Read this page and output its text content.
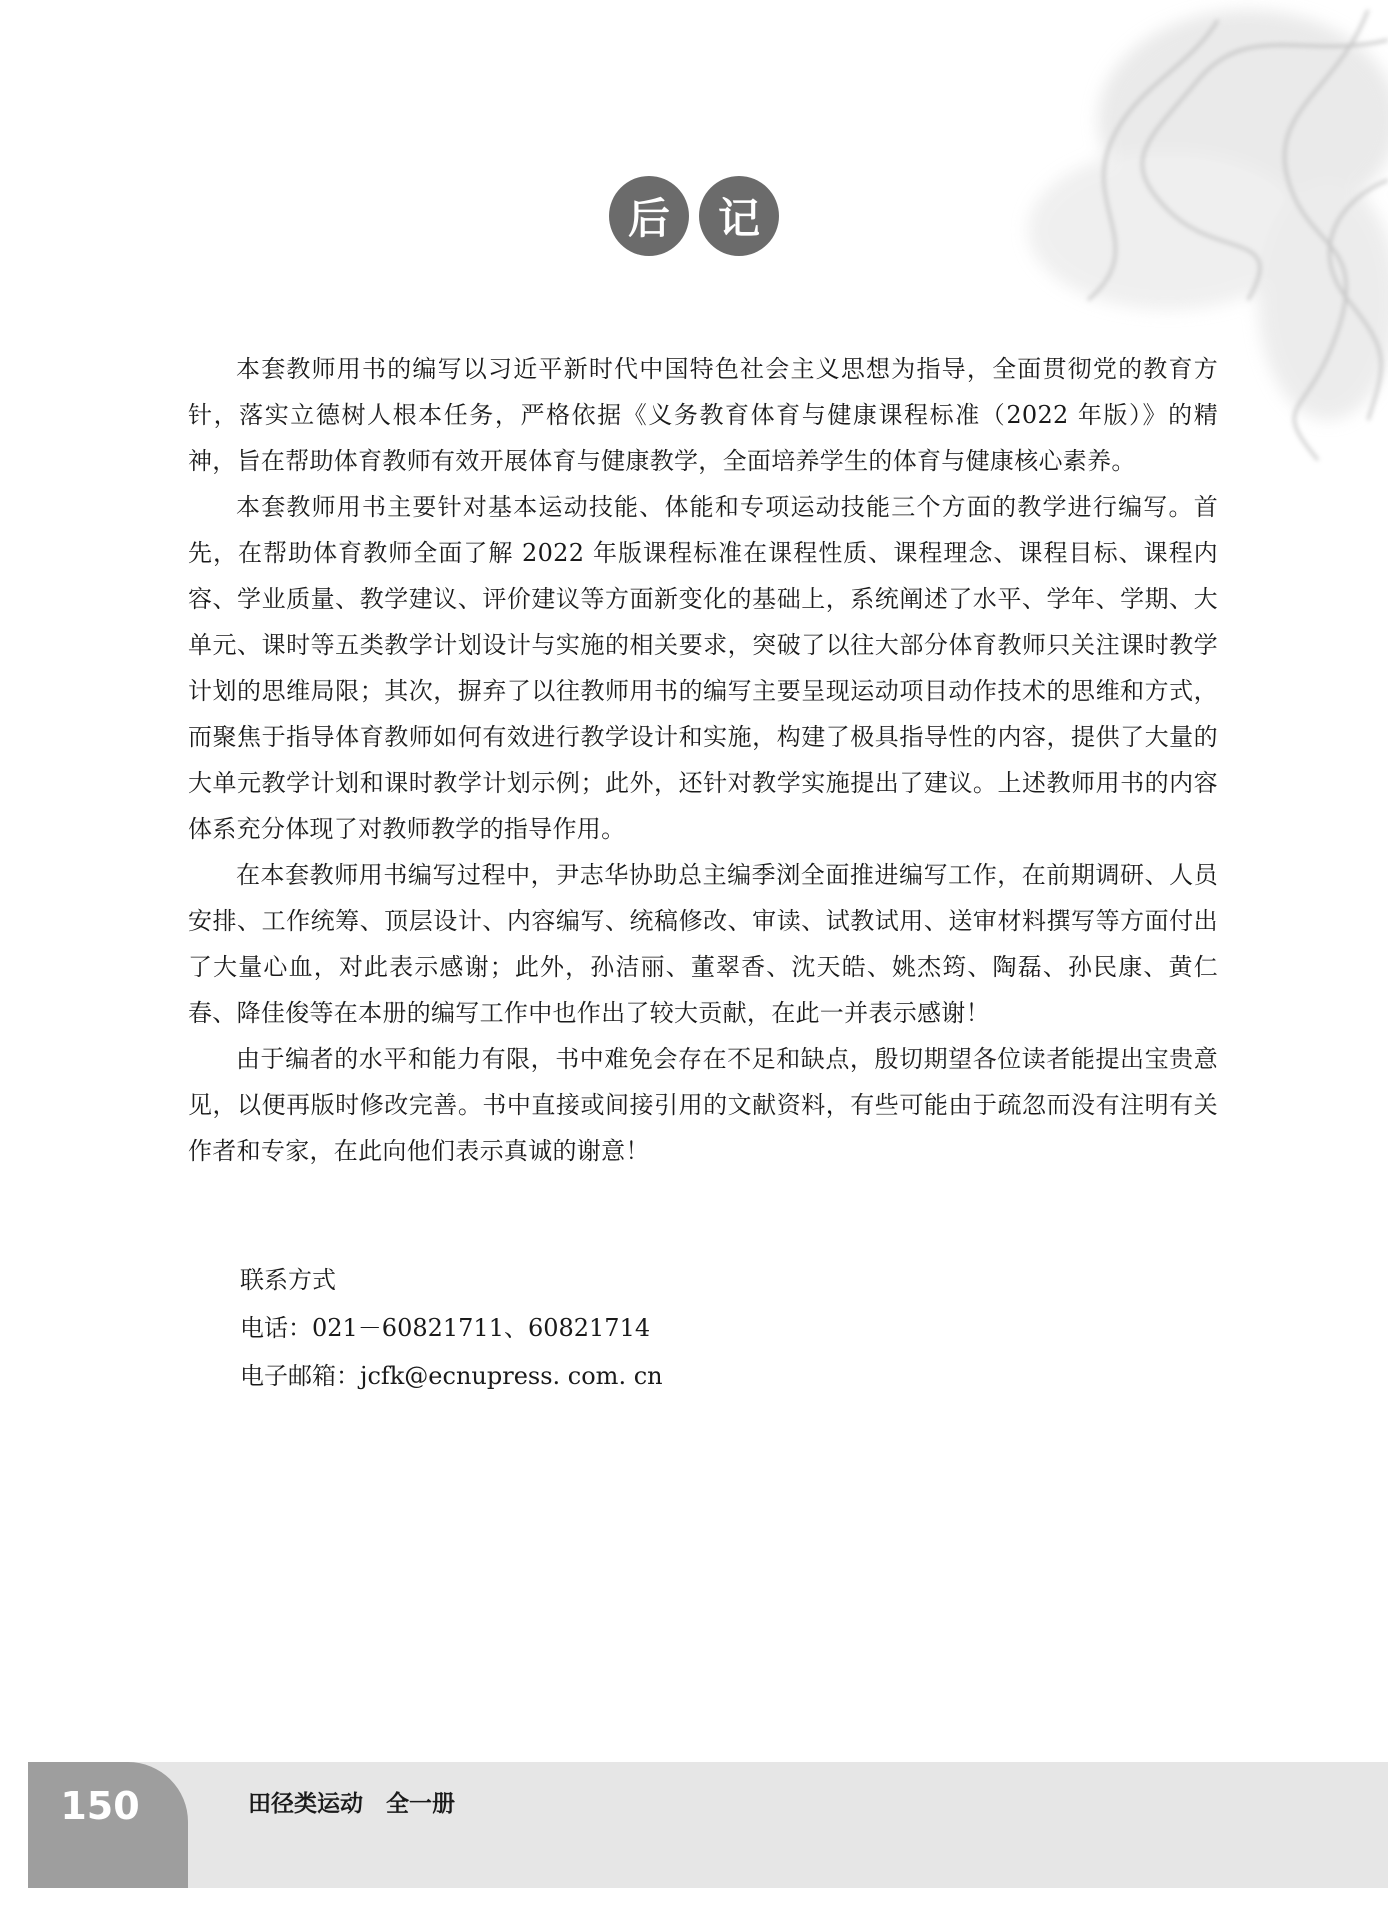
后	记

本套教师用书的编写以习近平新时代中国特色社会主义思想为指导，全面贯彻党的教育方针，落实立德树人根本任务，严格依据《义务教育体育与健康课程标准（2022 年版）》的精神，旨在帮助体育教师有效开展体育与健康教学，全面培养学生的体育与健康核心素养。

本套教师用书主要针对基本运动技能、体能和专项运动技能三个方面的教学进行编写。首先，在帮助体育教师全面了解 2022 年版课程标准在课程性质、课程理念、课程目标、课程内容、学业质量、教学建议、评价建议等方面新变化的基础上，系统阐述了水平、学年、学期、大单元、课时等五类教学计划设计与实施的相关要求，突破了以往大部分体育教师只关注课时教学计划的思维局限；其次，摒弃了以往教师用书的编写主要呈现运动项目动作技术的思维和方式，而聚焦于指导体育教师如何有效进行教学设计和实施，构建了极具指导性的内容，提供了大量的大单元教学计划和课时教学计划示例；此外，还针对教学实施提出了建议。上述教师用书的内容体系充分体现了对教师教学的指导作用。

在本套教师用书编写过程中，尹志华协助总主编季浏全面推进编写工作，在前期调研、人员安排、工作统筹、顶层设计、内容编写、统稿修改、审读、试教试用、送审材料撰写等方面付出了大量心血，对此表示感谢；此外，孙洁丽、董翠香、沈天皓、姚杰筠、陶磊、孙民康、黄仁春、降佳俊等在本册的编写工作中也作出了较大贡献，在此一并表示感谢！

由于编者的水平和能力有限，书中难免会存在不足和缺点，殷切期望各位读者能提出宝贵意见，以便再版时修改完善。书中直接或间接引用的文献资料，有些可能由于疏忽而没有注明有关作者和专家，在此向他们表示真诚的谢意！

联系方式
电话：021－60821711、60821714
电子邮箱：jcfk@ecnupress. com. cn
150	田径类运动　全一册
